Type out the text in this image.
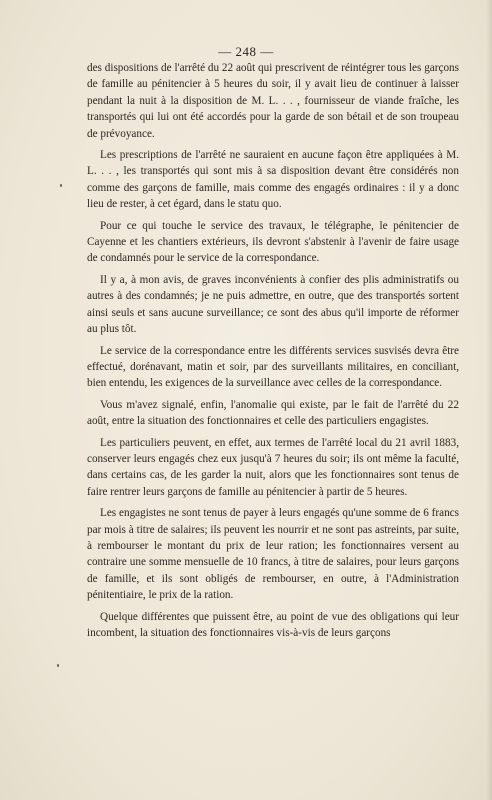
— 248 —

des dispositions de l'arrêté du 22 août qui prescrivent de réintégrer tous les garçons de famille au pénitencier à 5 heures du soir, il y avait lieu de continuer à laisser pendant la nuit à la disposition de M. L. . . , fournisseur de viande fraîche, les transportés qui lui ont été accordés pour la garde de son bétail et de son troupeau de prévoyance.

Les prescriptions de l'arrêté ne sauraient en aucune façon être appliquées à M. L. . . , les transportés qui sont mis à sa disposition devant être considérés non comme des garçons de famille, mais comme des engagés ordinaires : il y a donc lieu de rester, à cet égard, dans le statu quo.

Pour ce qui touche le service des travaux, le télégraphe, le pénitencier de Cayenne et les chantiers extérieurs, ils devront s'abstenir à l'avenir de faire usage de condamnés pour le service de la correspondance.

Il y a, à mon avis, de graves inconvénients à confier des plis administratifs ou autres à des condamnés; je ne puis admettre, en outre, que des transportés sortent ainsi seuls et sans aucune surveillance; ce sont des abus qu'il importe de réformer au plus tôt.

Le service de la correspondance entre les différents services susvisés devra être effectué, dorénavant, matin et soir, par des surveillants militaires, en conciliant, bien entendu, les exigences de la surveillance avec celles de la correspondance.

Vous m'avez signalé, enfin, l'anomalie qui existe, par le fait de l'arrêté du 22 août, entre la situation des fonctionnaires et celle des particuliers engagistes.

Les particuliers peuvent, en effet, aux termes de l'arrêté local du 21 avril 1883, conserver leurs engagés chez eux jusqu'à 7 heures du soir; ils ont même la faculté, dans certains cas, de les garder la nuit, alors que les fonctionnaires sont tenus de faire rentrer leurs garçons de famille au pénitencier à partir de 5 heures.

Les engagistes ne sont tenus de payer à leurs engagés qu'une somme de 6 francs par mois à titre de salaires; ils peuvent les nourrir et ne sont pas astreints, par suite, à rembourser le montant du prix de leur ration; les fonctionnaires versent au contraire une somme mensuelle de 10 francs, à titre de salaires, pour leurs garçons de famille, et ils sont obligés de rembourser, en outre, à l'Administration pénitentiaire, le prix de la ration.

Quelque différentes que puissent être, au point de vue des obligations qui leur incombent, la situation des fonctionnaires vis-à-vis de leurs garçons
